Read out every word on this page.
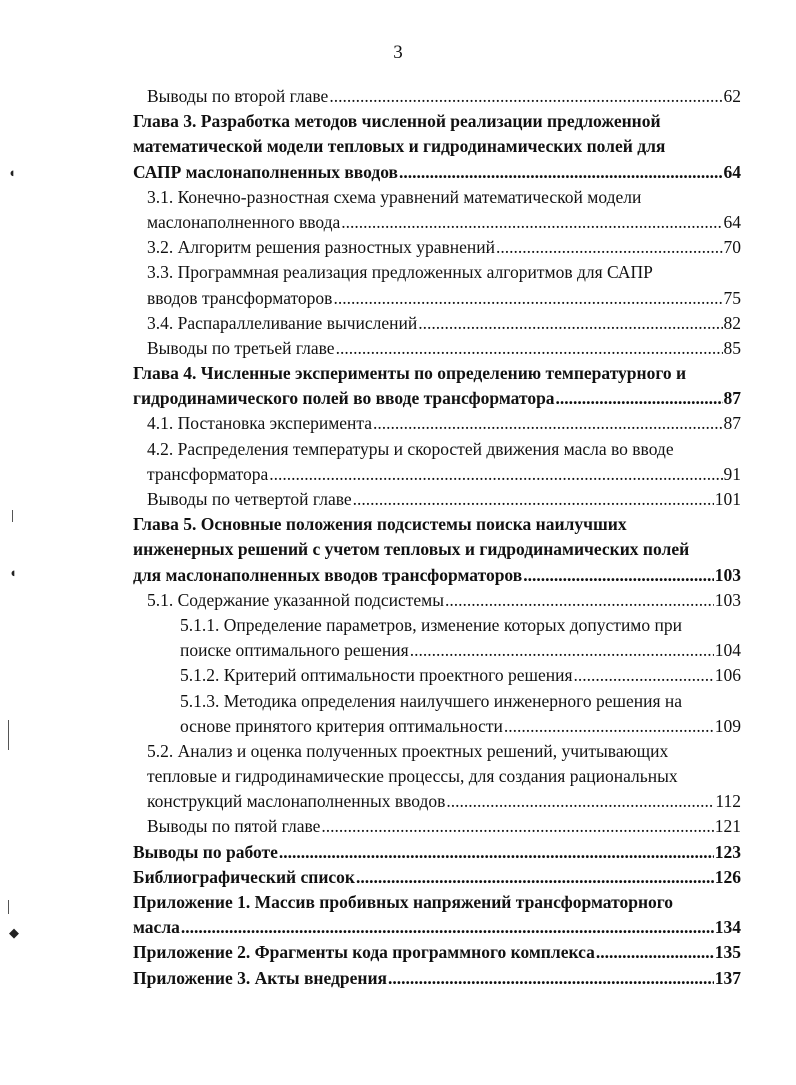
3
Выводы по второй главе .....	62
Глава 3. Разработка методов численной реализации предложенной
математической модели тепловых и гидродинамических полей для
САПР маслонаполненных вводов .....	64
3.1. Конечно-разностная схема уравнений математической модели
маслонаполненного ввода .....	64
3.2. Алгоритм решения разностных уравнений .....	70
3.3. Программная реализация предложенных алгоритмов для САПР
вводов трансформаторов .....	75
3.4. Распараллеливание вычислений .....	82
Выводы по третьей главе .....	85
Глава 4. Численные эксперименты по определению температурного и
гидродинамического полей во вводе трансформатора .....	87
4.1. Постановка эксперимента .....	87
4.2. Распределения температуры и скоростей движения масла во вводе
трансформатора .....	91
Выводы по четвертой главе .....	101
Глава 5. Основные положения подсистемы поиска наилучших
инженерных решений с учетом тепловых и гидродинамических полей
для маслонаполненных вводов трансформаторов .....	103
5.1. Содержание указанной подсистемы .....	103
5.1.1. Определение параметров, изменение которых допустимо при
поиске оптимального решения .....	104
5.1.2. Критерий оптимальности проектного решения .....	106
5.1.3. Методика определения наилучшего инженерного решения на
основе принятого критерия оптимальности .....	109
5.2. Анализ и оценка полученных проектных решений, учитывающих
тепловые и гидродинамические процессы, для создания рациональных
конструкций маслонаполненных вводов .....	112
Выводы по пятой главе .....	121
Выводы по работе .....	123
Библиографический список .....	126
Приложение 1. Массив пробивных напряжений трансформаторного
масла .....	134
Приложение 2. Фрагменты кода программного комплекса .....	135
Приложение 3. Акты внедрения .....	137
◖
◖
◆
